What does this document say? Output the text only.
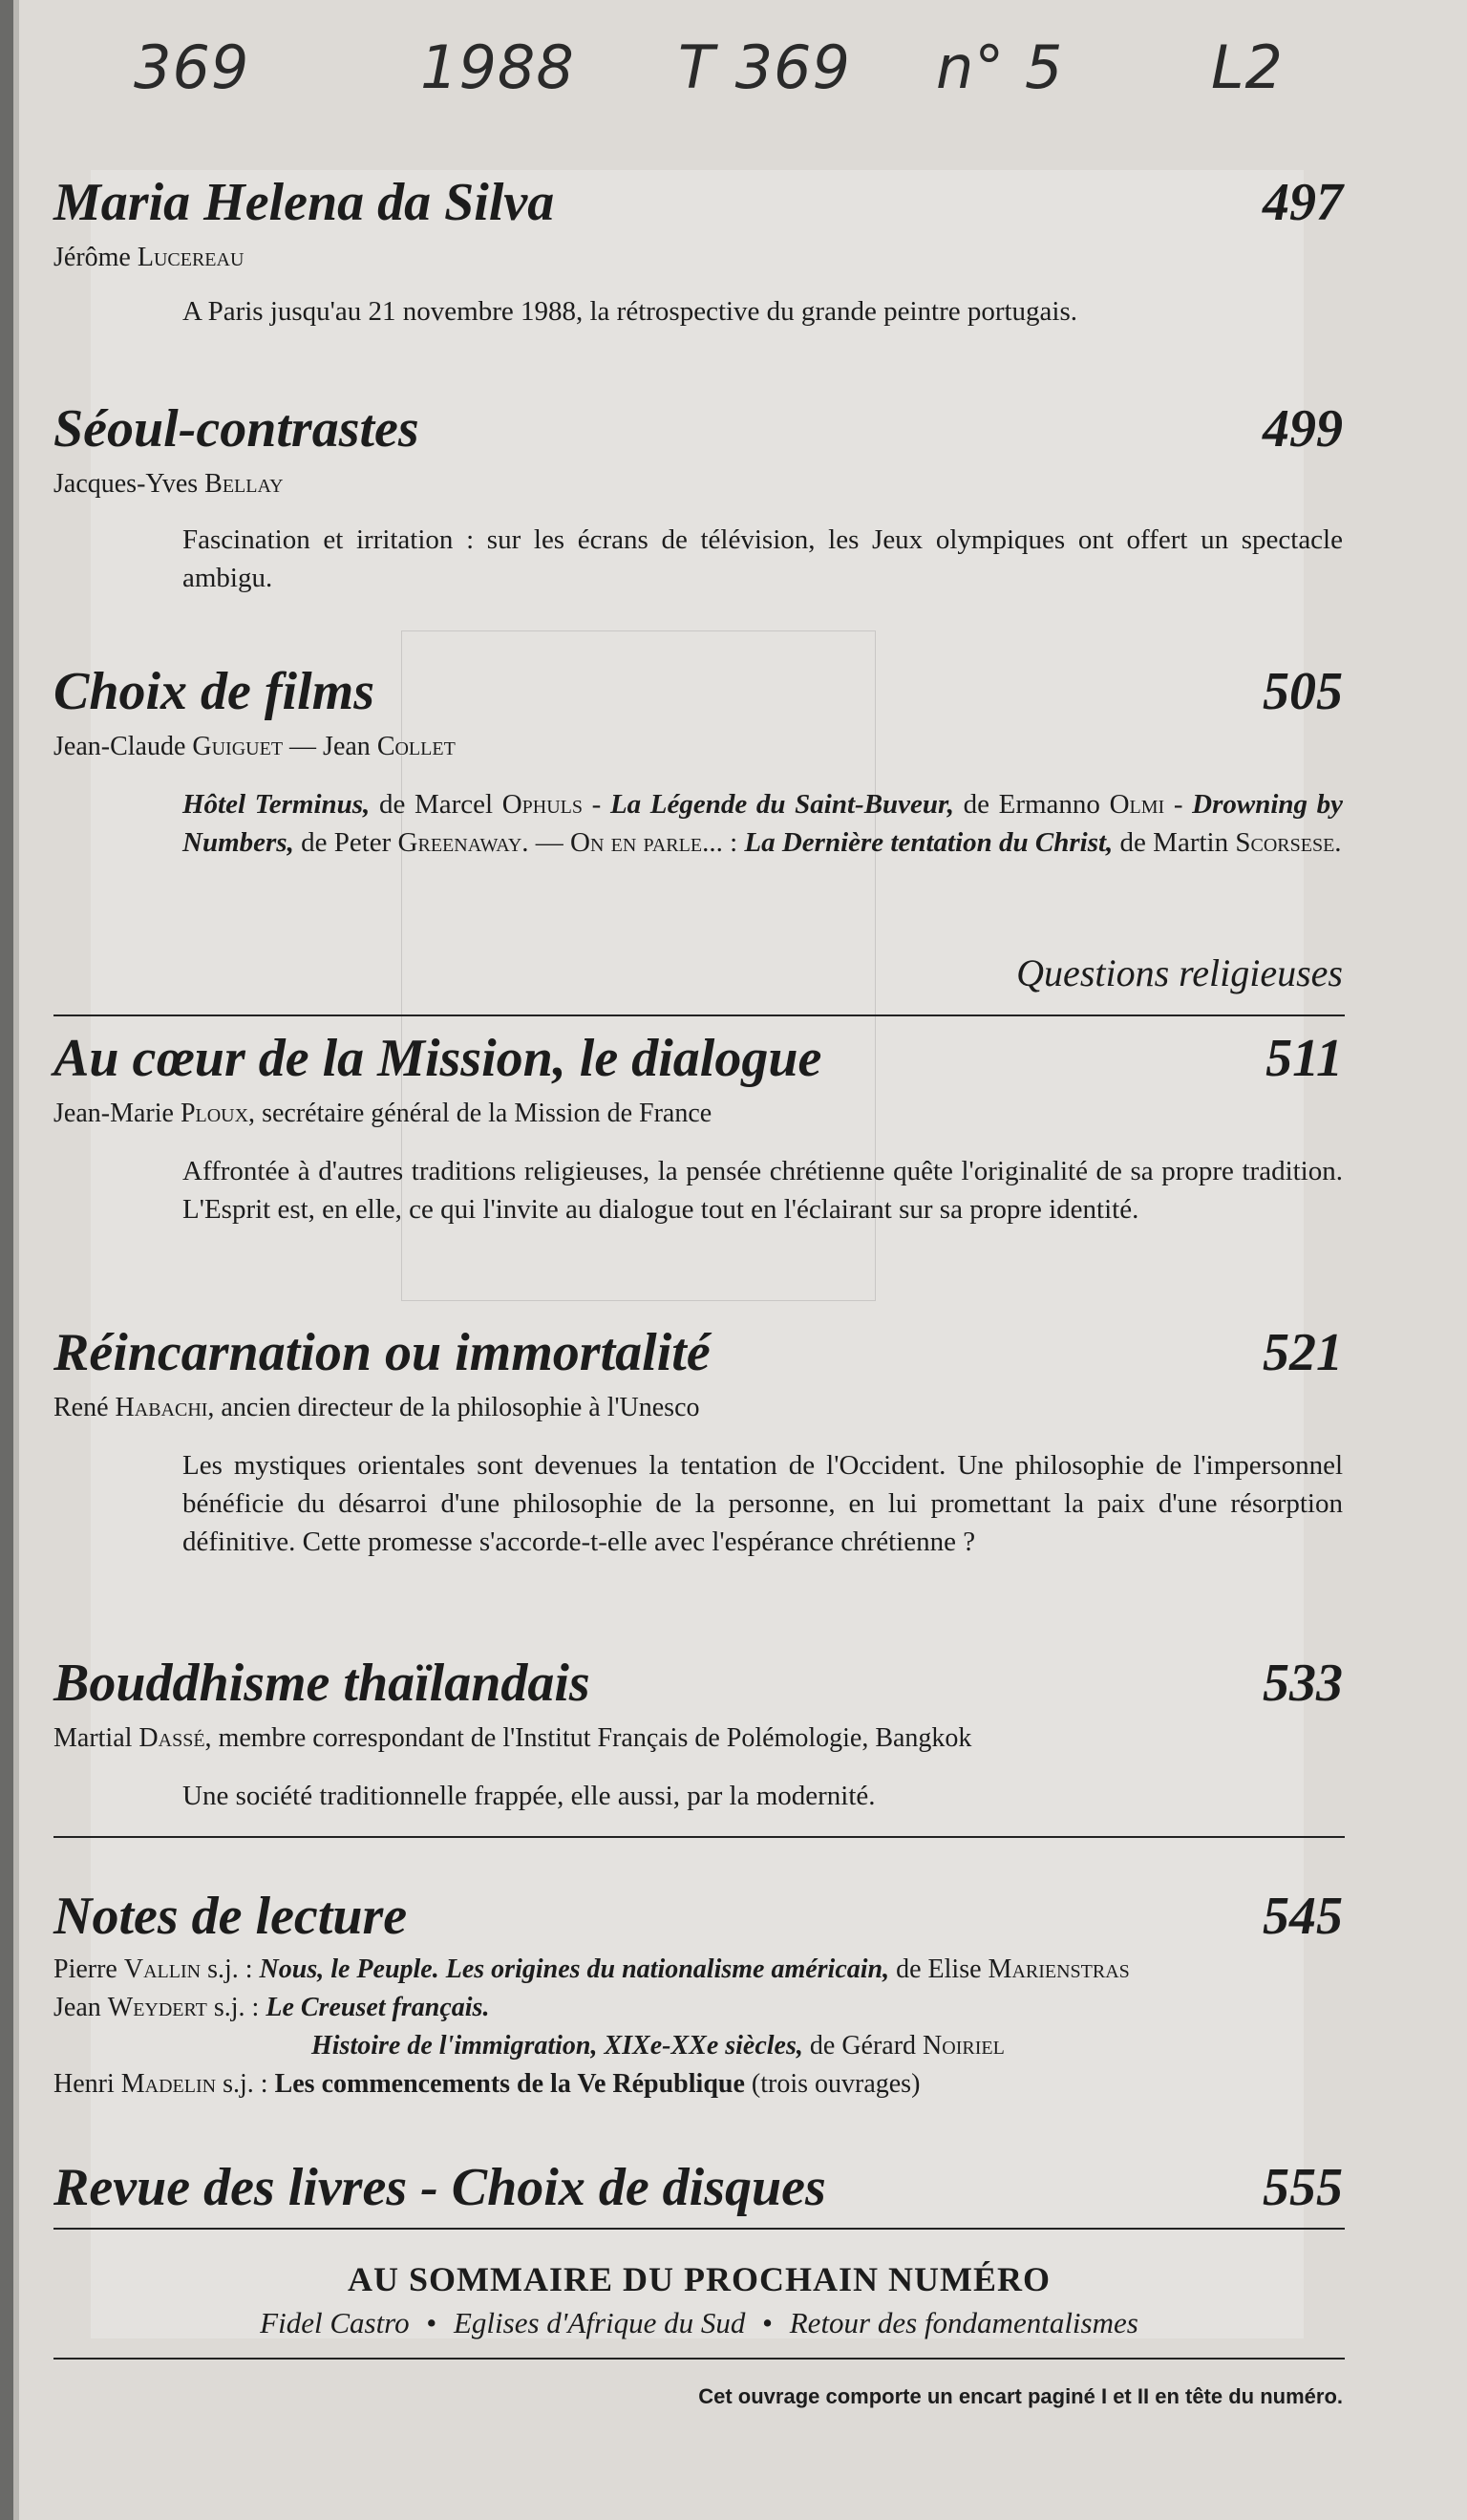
369	1988 T 369 n° 5 L2
Maria Helena da Silva	497
Jérôme Lucereau
A Paris jusqu'au 21 novembre 1988, la rétrospective du grande peintre portugais.
Séoul-contrastes	499
Jacques-Yves Bellay
Fascination et irritation : sur les écrans de télévision, les Jeux olympiques ont offert un spectacle ambigu.
Choix de films	505
Jean-Claude Guiguet — Jean Collet
Hôtel Terminus, de Marcel Ophuls - La Légende du Saint-Buveur, de Ermanno Olmi - Drowning by Numbers, de Peter Greenaway. — On en parle... : La Dernière tentation du Christ, de Martin Scorsese.
Questions religieuses
Au cœur de la Mission, le dialogue	511
Jean-Marie Ploux, secrétaire général de la Mission de France
Affrontée à d'autres traditions religieuses, la pensée chrétienne quête l'originalité de sa propre tradition. L'Esprit est, en elle, ce qui l'invite au dialogue tout en l'éclairant sur sa propre identité.
Réincarnation ou immortalité	521
René Habachi, ancien directeur de la philosophie à l'Unesco
Les mystiques orientales sont devenues la tentation de l'Occident. Une philosophie de l'impersonnel bénéficie du désarroi d'une philosophie de la personne, en lui promettant la paix d'une résorption définitive. Cette promesse s'accorde-t-elle avec l'espérance chrétienne ?
Bouddhisme thaïlandais	533
Martial Dassé, membre correspondant de l'Institut Français de Polémologie, Bangkok
Une société traditionnelle frappée, elle aussi, par la modernité.
Notes de lecture	545
Pierre Vallin s.j. : Nous, le Peuple. Les origines du nationalisme américain, de Elise Marienstras
Jean Weydert s.j. : Le Creuset français.
Histoire de l'immigration, XIXe-XXe siècles, de Gérard Noiriel
Henri Madelin s.j. : Les commencements de la Ve République (trois ouvrages)
Revue des livres - Choix de disques	555
AU SOMMAIRE DU PROCHAIN NUMÉRO
Fidel Castro • Eglises d'Afrique du Sud • Retour des fondamentalismes
Cet ouvrage comporte un encart paginé I et II en tête du numéro.
